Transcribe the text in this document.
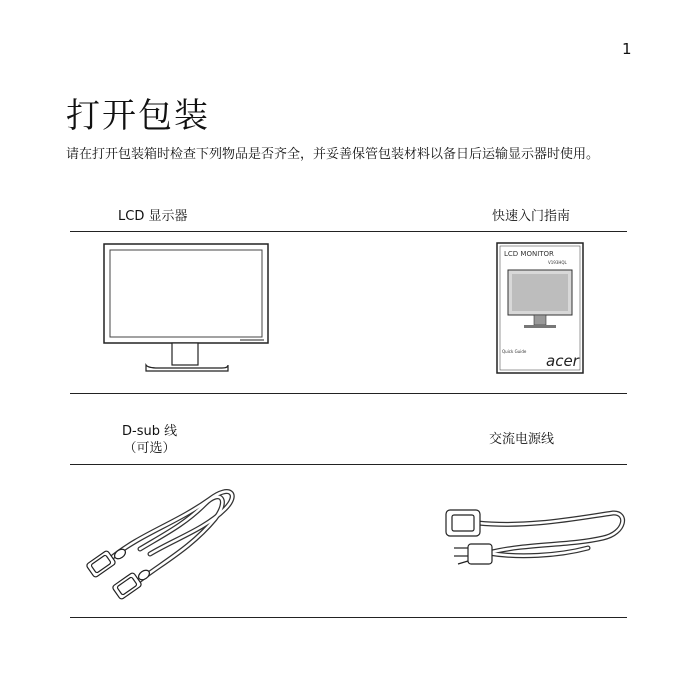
1
打开包装

请在打开包装箱时检查下列物品是否齐全，并妥善保管包装材料以备日后运输显示器时使用。

LCD 显示器	快速入门指南
LCD MONITOR
V193HQL
Quick Guide
acer
D-sub 线
（可选）
交流电源线
